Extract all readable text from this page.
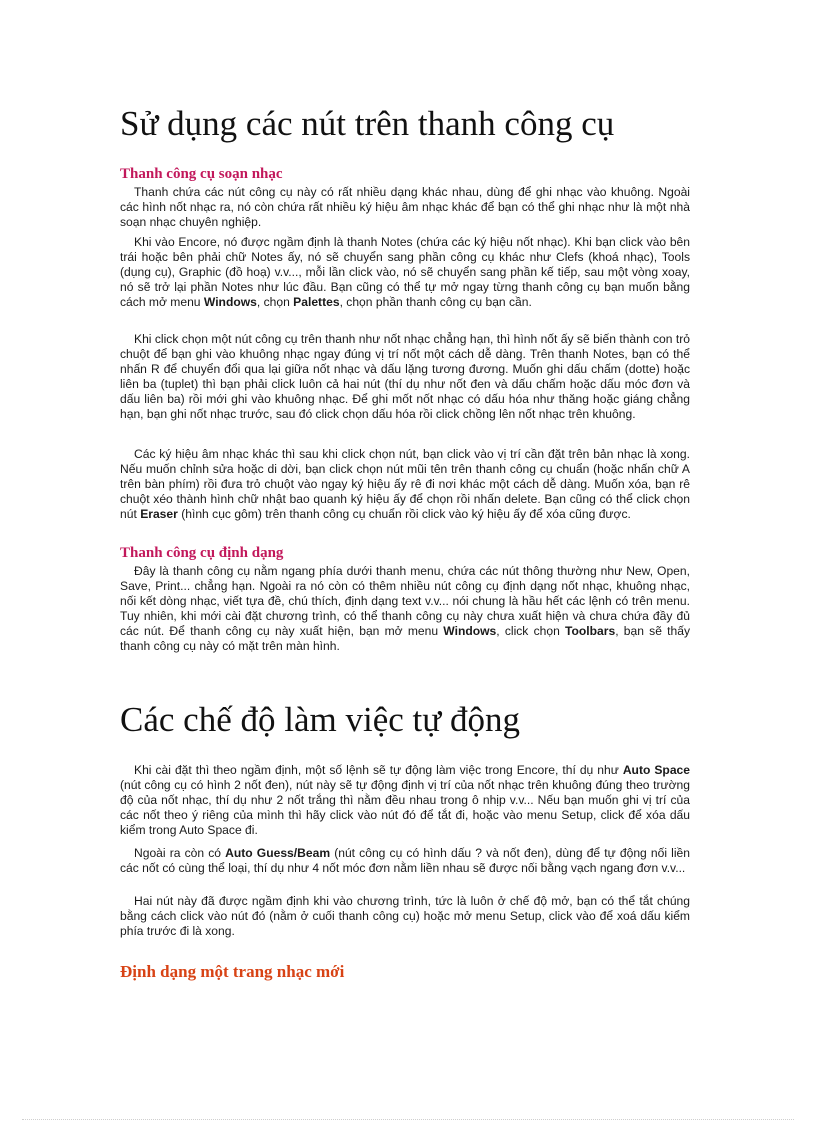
Sử dụng các nút trên thanh công cụ
Thanh công cụ soạn nhạc

Thanh chứa các nút công cụ này có rất nhiều dạng khác nhau, dùng để ghi nhạc vào khuông. Ngoài các hình nốt nhạc ra, nó còn chứa rất nhiều ký hiệu âm nhạc khác để bạn có thể ghi nhạc như là một nhà soạn nhạc chuyên nghiệp.

Khi vào Encore, nó được ngầm định là thanh Notes (chứa các ký hiệu nốt nhạc). Khi bạn click vào bên trái hoặc bên phải chữ Notes ấy, nó sẽ chuyển sang phần công cụ khác như Clefs (khoá nhạc), Tools (dụng cụ), Graphic (đồ hoạ) v.v..., mỗi lần click vào, nó sẽ chuyển sang phần kế tiếp, sau một vòng xoay, nó sẽ trở lại phần Notes như lúc đầu. Bạn cũng có thể tự mở ngay từng thanh công cụ bạn muốn bằng cách mở menu Windows, chọn Palettes, chọn phần thanh công cụ bạn cần.

Khi click chọn một nút công cụ trên thanh như nốt nhạc chẳng hạn, thì hình nốt ấy sẽ biến thành con trỏ chuột để bạn ghi vào khuông nhạc ngay đúng vị trí nốt một cách dễ dàng. Trên thanh Notes, bạn có thể nhấn R để chuyển đổi qua lại giữa nốt nhạc và dấu lặng tương đương. Muốn ghi dấu chấm (dotte) hoặc liên ba (tuplet) thì bạn phải click luôn cả hai nút (thí dụ như nốt đen và dấu chấm hoặc dấu móc đơn và dấu liên ba) rồi mới ghi vào khuông nhạc. Để ghi mốt nốt nhạc có dấu hóa như thăng hoặc giáng chẳng hạn, bạn ghi nốt nhạc trước, sau đó click chọn dấu hóa rồi click chồng lên nốt nhạc trên khuông.

Các ký hiệu âm nhạc khác thì sau khi click chọn nút, bạn click vào vị trí cần đặt trên bản nhạc là xong. Nếu muốn chỉnh sửa hoặc di dời, bạn click chọn nút mũi tên trên thanh công cụ chuẩn (hoặc nhấn chữ A trên bàn phím) rồi đưa trỏ chuột vào ngay ký hiệu ấy rê đi nơi khác một cách dễ dàng. Muốn xóa, bạn rê chuột xéo thành hình chữ nhật bao quanh ký hiệu ấy để chọn rồi nhấn delete. Bạn cũng có thể click chọn nút Eraser (hình cục gôm) trên thanh công cụ chuẩn rồi click vào ký hiệu ấy để xóa cũng được.

Thanh công cụ định dạng

Đây là thanh công cụ nằm ngang phía dưới thanh menu, chứa các nút thông thường như New, Open, Save, Print... chẳng hạn. Ngoài ra nó còn có thêm nhiều nút công cụ định dạng nốt nhạc, khuông nhạc, nối kết dòng nhạc, viết tựa đề, chú thích, định dạng text v.v... nói chung là hầu hết các lệnh có trên menu. Tuy nhiên, khi mới cài đặt chương trình, có thể thanh công cụ này chưa xuất hiện và chưa chứa đầy đủ các nút. Để thanh công cụ này xuất hiện, bạn mở menu Windows, click chọn Toolbars, bạn sẽ thấy thanh công cụ này có mặt trên màn hình.

Các chế độ làm việc tự động

Khi cài đặt thì theo ngầm định, một số lệnh sẽ tự động làm việc trong Encore, thí dụ như Auto Space (nút công cụ có hình 2 nốt đen), nút này sẽ tự động định vị trí của nốt nhạc trên khuông đúng theo trường độ của nốt nhạc, thí dụ như 2 nốt trắng thì nằm đều nhau trong ô nhịp v.v... Nếu bạn muốn ghi vị trí của các nốt theo ý riêng của mình thì hãy click vào nút đó để tắt đi, hoặc vào menu Setup, click để xóa dấu kiểm trong Auto Space đi.

Ngoài ra còn có Auto Guess/Beam (nút công cụ có hình dấu ? và nốt đen), dùng để tự động nối liền các nốt có cùng thể loại, thí dụ như 4 nốt móc đơn nằm liền nhau sẽ được nối bằng vạch ngang đơn v.v...

Hai nút này đã được ngầm định khi vào chương trình, tức là luôn ở chế độ mở, bạn có thể tắt chúng bằng cách click vào nút đó (nằm ở cuối thanh công cụ) hoặc mở menu Setup, click vào để xoá dấu kiểm phía trước đi là xong.

Định dạng một trang nhạc mới
